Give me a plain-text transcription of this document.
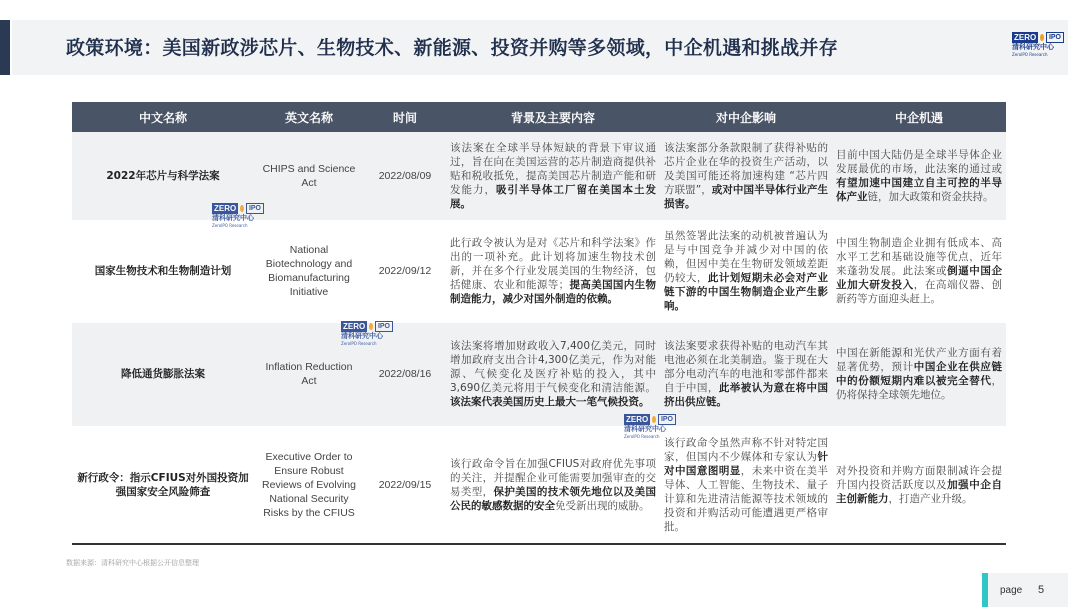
政策环境：美国新政涉芯片、生物技术、新能源、投资并购等多领域，中企机遇和挑战并存	ZERO	IPO
清科研究中心
ZeroIPO Research
中文名称	英文名称	时间	背景及主要内容	对中企影响	中企机遇
2022年芯片与科学法案	CHIPS and Science Act	2022/08/09	该法案在全球半导体短缺的背景下审议通过，旨在向在美国运营的芯片制造商提供补贴和税收抵免，提高美国芯片制造产能和研发能力，吸引半导体工厂留在美国本土发展。	该法案部分条款限制了获得补贴的芯片企业在华的投资生产活动，以及美国可能还将加速构建 “芯片四方联盟”，或对中国半导体行业产生损害。	目前中国大陆仍是全球半导体企业发展最优的市场，此法案的通过或有望加速中国建立自主可控的半导体产业链，加大政策和资金扶持。
国家生物技术和生物制造计划	National Biotechnology and Biomanufacturing Initiative	2022/09/12	此行政令被认为是对《芯片和科学法案》作出的一项补充。此计划将加速生物技术创新，并在多个行业发展美国的生物经济，包括健康、农业和能源等；提高美国国内生物制造能力，减少对国外制造的依赖。	虽然签署此法案的动机被普遍认为是与中国竞争并减少对中国的依赖，但因中美在生物研发领域差距仍较大，此计划短期未必会对产业链下游的中国生物制造企业产生影响。	中国生物制造企业拥有低成本、高水平工艺和基础设施等优点，近年来蓬勃发展。此法案或倒逼中国企业加大研发投入，在高端仪器、创新药等方面迎头赶上。
降低通货膨胀法案	Inflation Reduction Act	2022/08/16	该法案将增加财政收入7,400亿美元，同时增加政府支出合计4,300亿美元，作为对能源、气候变化及医疗补贴的投入，其中3,690亿美元将用于气候变化和清洁能源。该法案代表美国历史上最大一笔气候投资。	该法案要求获得补贴的电动汽车其电池必须在北美制造。鉴于现在大部分电动汽车的电池和零部件都来自于中国，此举被认为意在将中国挤出供应链。	中国在新能源和光伏产业方面有着显著优势，预计中国企业在供应链中的份额短期内难以被完全替代，仍将保持全球领先地位。
新行政令：指示CFIUS对外国投资加强国家安全风险筛查	Executive Order to Ensure Robust Reviews of Evolving National Security Risks by the CFIUS	2022/09/15	该行政命令旨在加强CFIUS对政府优先事项的关注，并提醒企业可能需要加强审查的交易类型，保护美国的技术领先地位以及美国公民的敏感数据的安全免受新出现的威胁。	该行政命令虽然声称不针对特定国家，但国内不少媒体和专家认为针对中国意图明显，未来中资在美半导体、人工智能、生物技术、量子计算和先进清洁能源等技术领域的投资和并购活动可能遭遇更严格审批。	对外投资和并购方面限制减许会提升国内投资活跃度以及加强中企自主创新能力，打造产业升级。
ZERO	IPO
清科研究中心
ZeroIPO Research
ZERO	IPO
清科研究中心
ZeroIPO Research
ZERO	IPO
清科研究中心
ZeroIPO Research
数据来源：清科研究中心根据公开信息整理
page 5
